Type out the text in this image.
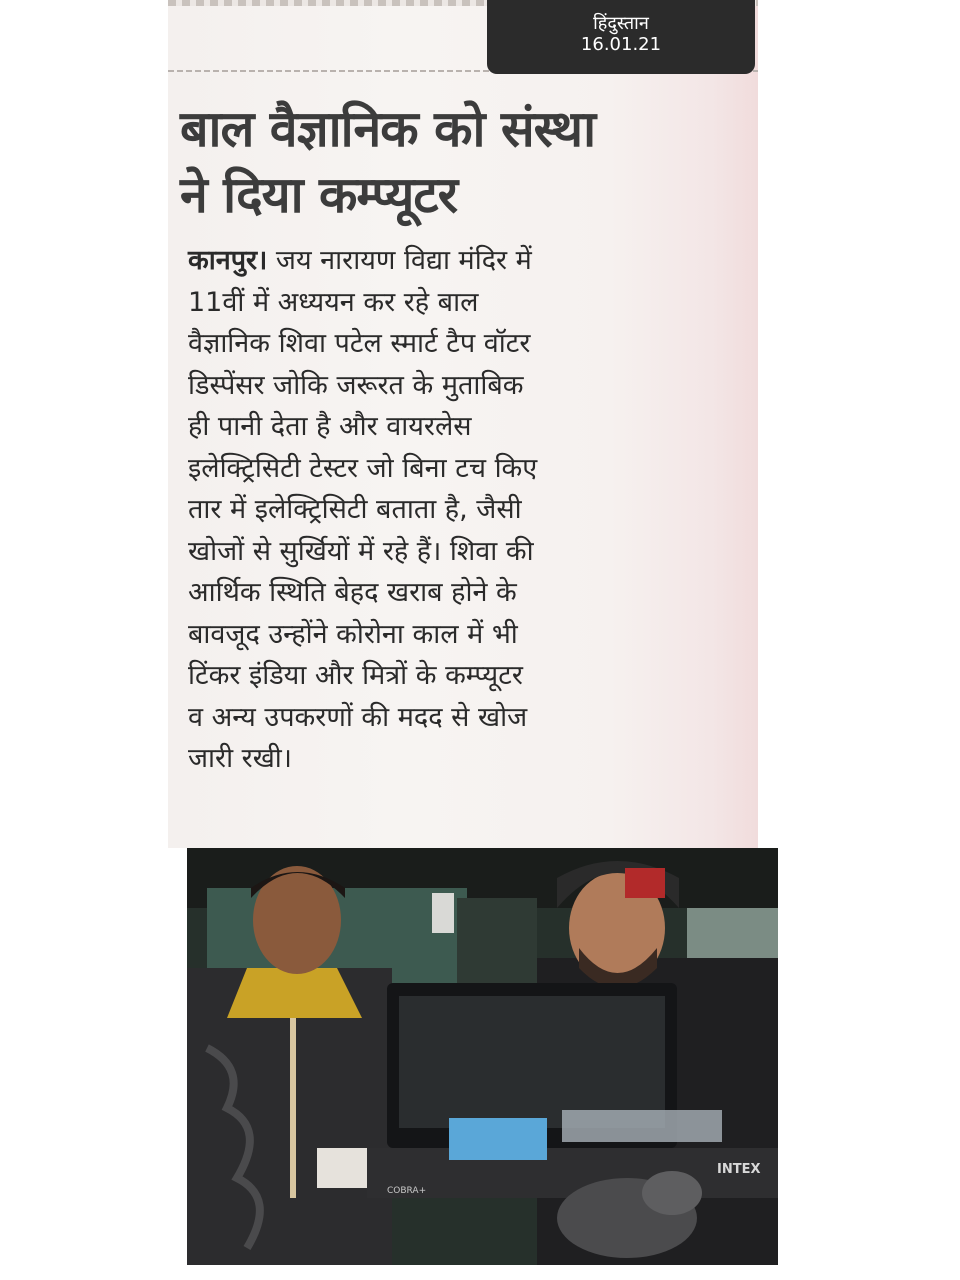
हिंदुस्तान
16.01.21
बाल वैज्ञानिक को संस्था
ने दिया कम्प्यूटर
कानपुर। जय नारायण विद्या मंदिर में
11वीं में अध्ययन कर रहे बाल
वैज्ञानिक शिवा पटेल स्मार्ट टैप वॉटर
डिस्पेंसर जोकि जरूरत के मुताबिक
ही पानी देता है और वायरलेस
इलेक्ट्रिसिटी टेस्टर जो बिना टच किए
तार में इलेक्ट्रिसिटी बताता है, जैसी
खोजों से सुर्खियों में रहे हैं। शिवा की
आर्थिक स्थिति बेहद खराब होने के
बावजूद उन्होंने कोरोना काल में भी
टिंकर इंडिया और मित्रों के कम्प्यूटर
व अन्य उपकरणों की मदद से खोज
जारी रखी।
INTEX
COBRA+
